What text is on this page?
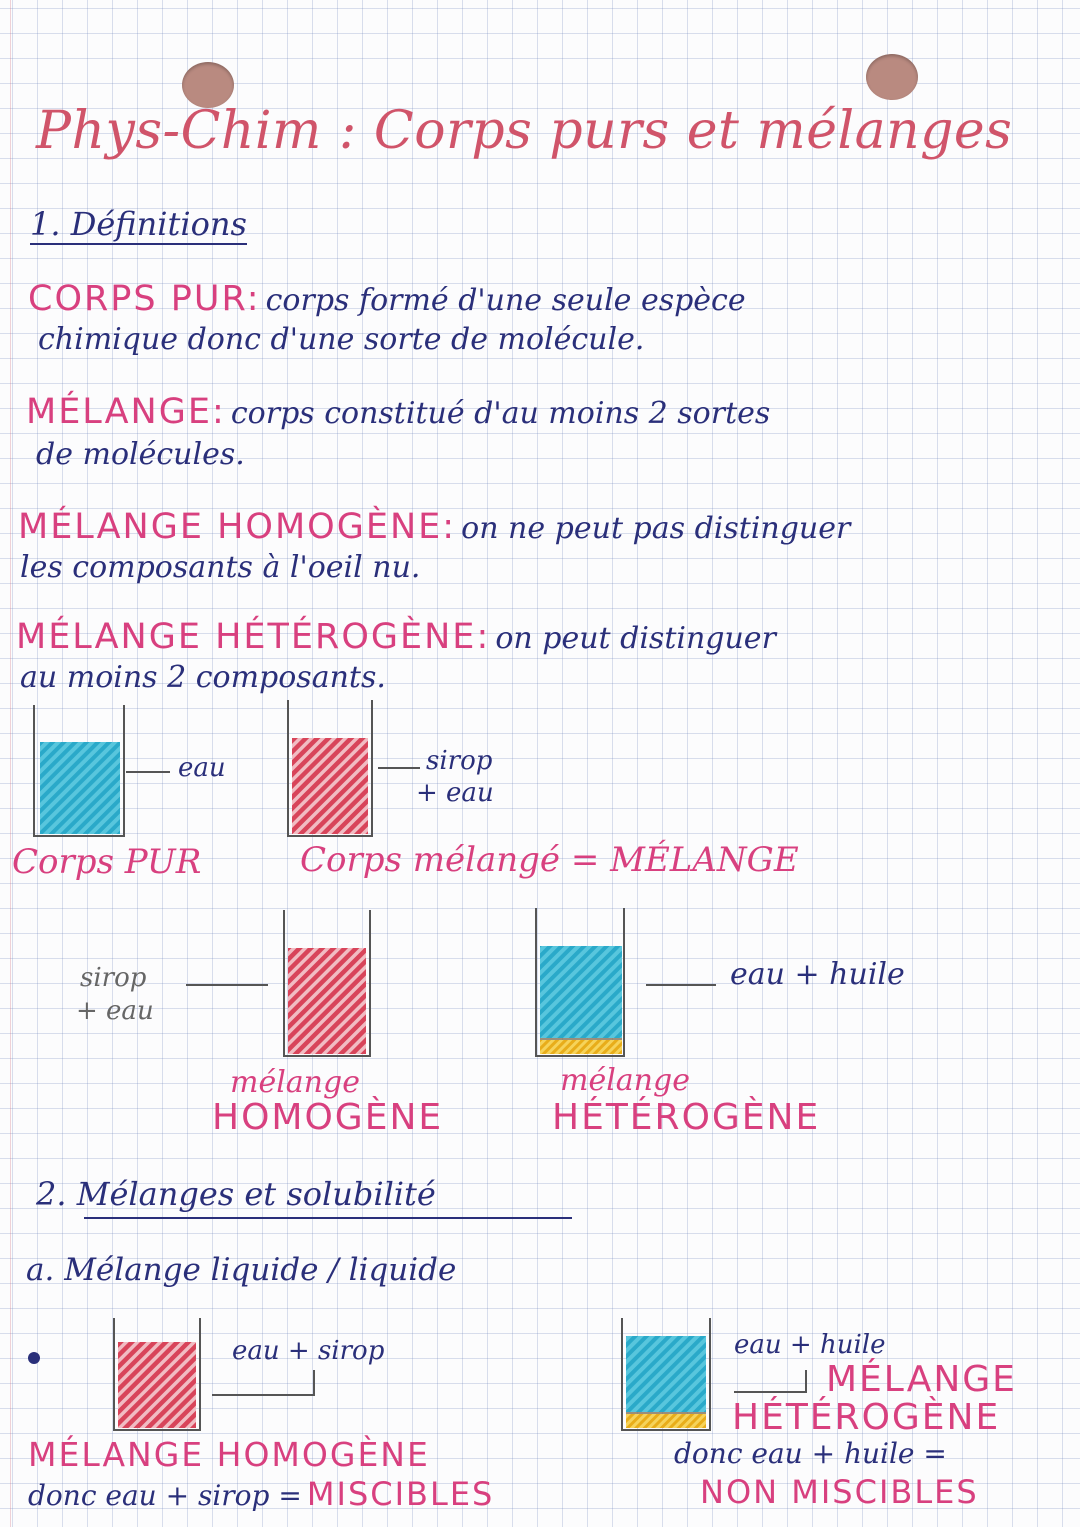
Phys-Chim : Corps purs et mélanges

1. Définitions

CORPS PUR: corps formé d'une seule espèce

chimique donc d'une sorte de molécule.

MÉLANGE: corps constitué d'au moins 2 sortes

de molécules.

MÉLANGE HOMOGÈNE: on ne peut pas distinguer

les composants à l'oeil nu.

MÉLANGE HÉTÉROGÈNE: on peut distinguer

au moins 2 composants.

eau	sirop

+ eau

Corps PUR	Corps mélangé = MÉLANGE

sirop

+ eau

eau + huile

mélange

HOMOGÈNE

mélange

HÉTÉROGÈNE

2. Mélanges et solubilité

a. Mélange liquide / liquide

eau + sirop

MÉLANGE HOMOGÈNE

donc eau + sirop = MISCIBLES

eau + huile

MÉLANGE

HÉTÉROGÈNE

donc eau + huile =

NON MISCIBLES
